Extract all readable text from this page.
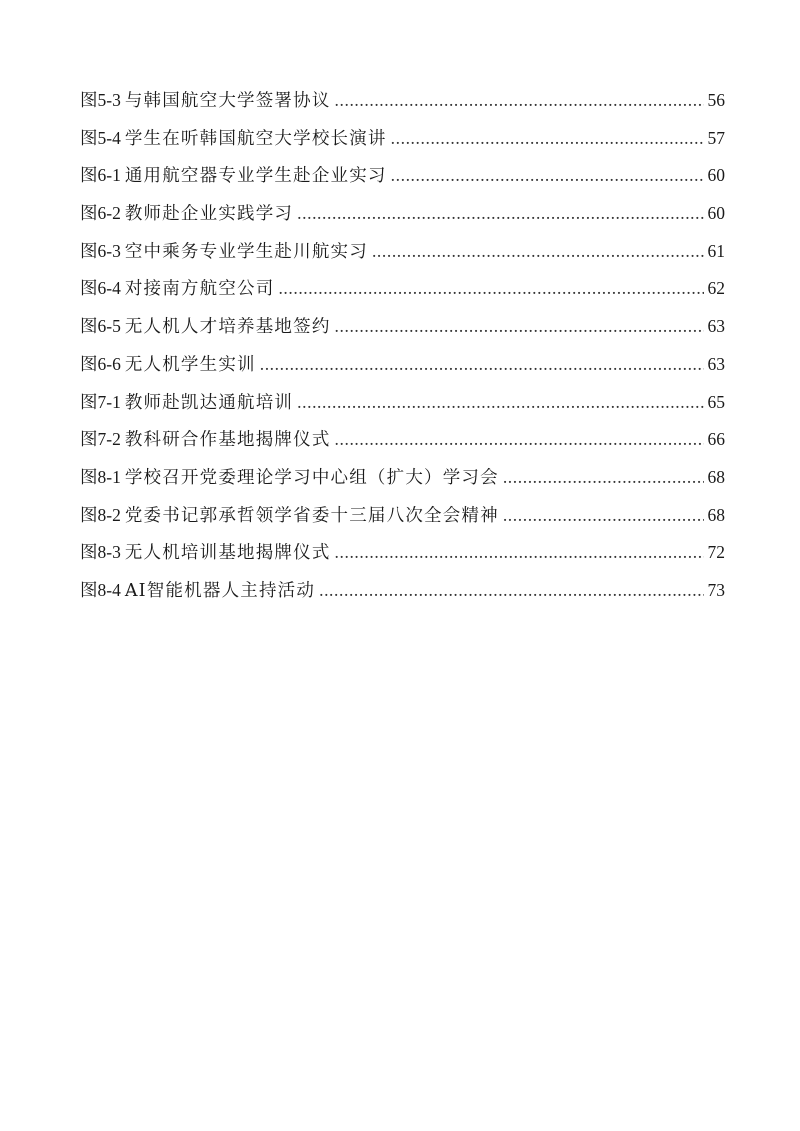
图5-3 与韩国航空大学签署协议 .....	56
图5-4 学生在听韩国航空大学校长演讲 .....	57
图6-1 通用航空器专业学生赴企业实习 .....	60
图6-2 教师赴企业实践学习 .....	60
图6-3 空中乘务专业学生赴川航实习 .....	61
图6-4 对接南方航空公司 .....	62
图6-5 无人机人才培养基地签约 .....	63
图6-6 无人机学生实训 .....	63
图7-1 教师赴凯达通航培训 .....	65
图7-2 教科研合作基地揭牌仪式 .....	66
图8-1 学校召开党委理论学习中心组（扩大）学习会 .....	68
图8-2 党委书记郭承哲领学省委十三届八次全会精神 .....	68
图8-3 无人机培训基地揭牌仪式 .....	72
图8-4 AI智能机器人主持活动 .....	73
